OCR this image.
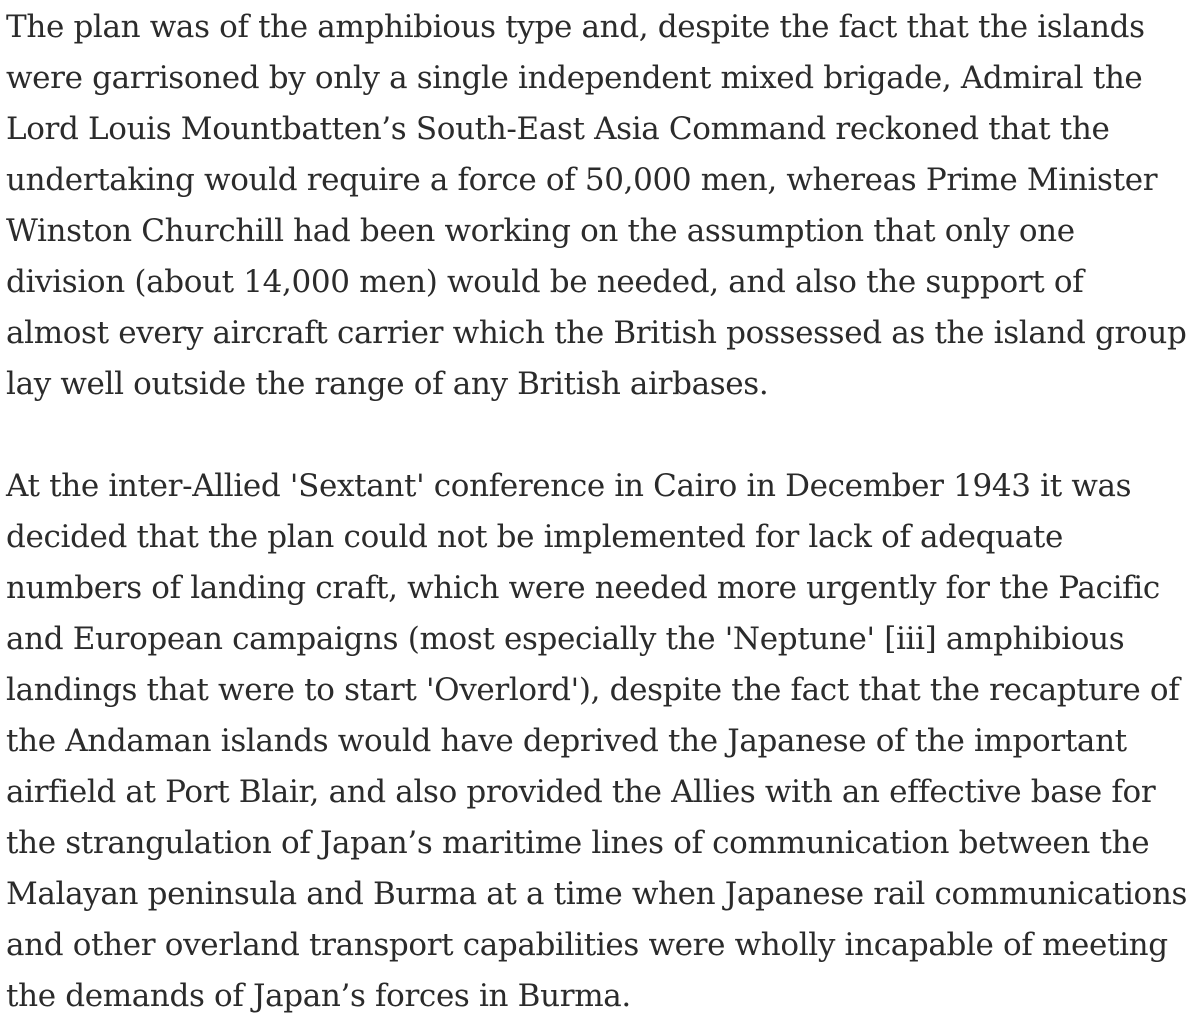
The plan was of the amphibious type and, despite the fact that the islands
were garrisoned by only a single independent mixed brigade, Admiral the
Lord Louis Mountbatten’s South-East Asia Command reckoned that the
undertaking would require a force of 50,000 men, whereas Prime Minister
Winston Churchill had been working on the assumption that only one
division (about 14,000 men) would be needed, and also the support of
almost every aircraft carrier which the British possessed as the island group
lay well outside the range of any British airbases.

At the inter-Allied 'Sextant' conference in Cairo in December 1943 it was
decided that the plan could not be implemented for lack of adequate
numbers of landing craft, which were needed more urgently for the Pacific
and European campaigns (most especially the 'Neptune' [iii] amphibious
landings that were to start 'Overlord'), despite the fact that the recapture of
the Andaman islands would have deprived the Japanese of the important
airfield at Port Blair, and also provided the Allies with an effective base for
the strangulation of Japan’s maritime lines of communication between the
Malayan peninsula and Burma at a time when Japanese rail communications
and other overland transport capabilities were wholly incapable of meeting
the demands of Japan’s forces in Burma.
